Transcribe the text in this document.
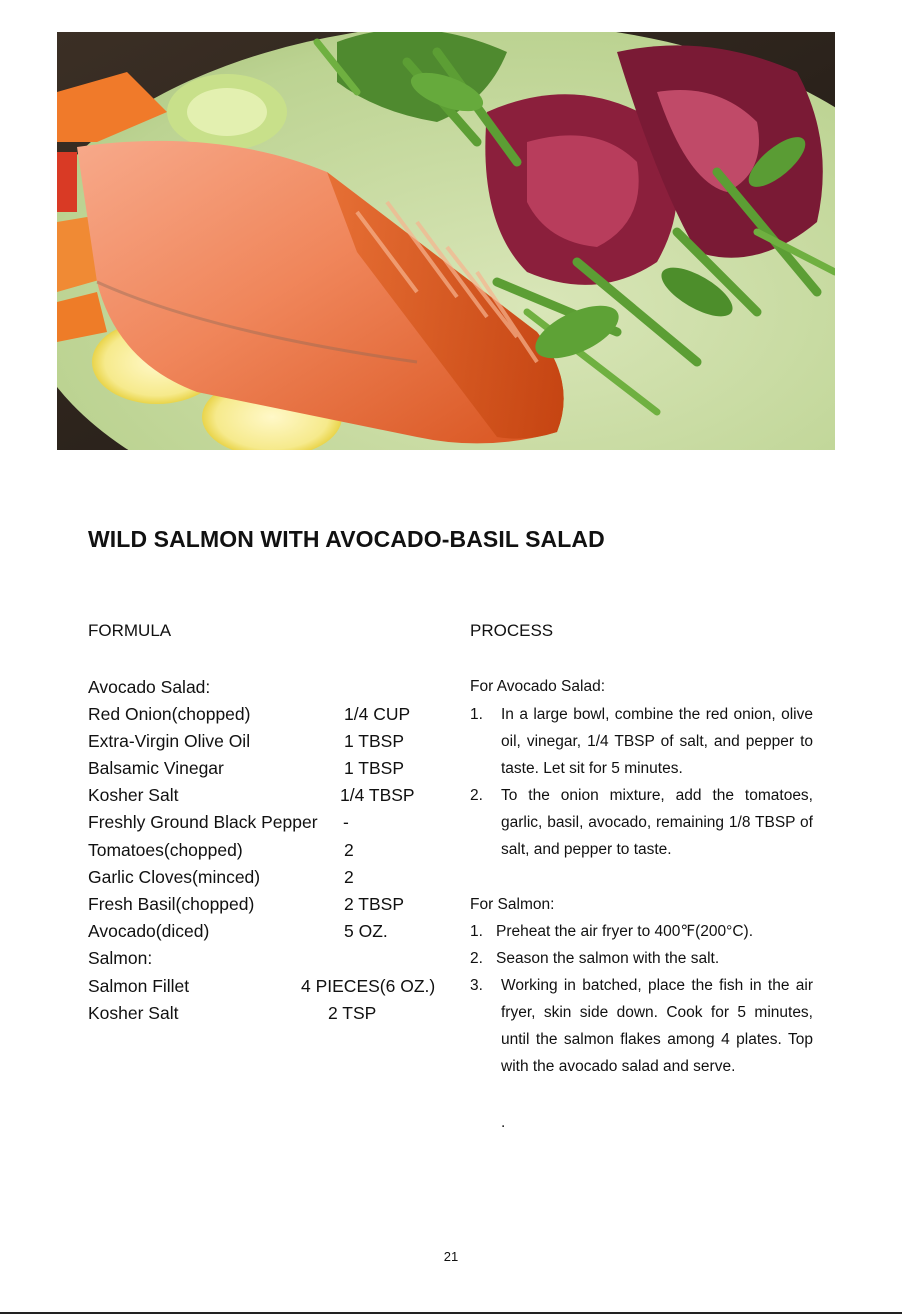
WILD SALMON WITH AVOCADO-BASIL SALAD
FORMULA	PROCESS
Avocado Salad:
Red Onion(chopped)	1/4 CUP
Extra-Virgin Olive Oil	1 TBSP
Balsamic Vinegar	1 TBSP
Kosher Salt	1/4 TBSP
Freshly Ground Black Pepper -
Tomatoes(chopped)	2
Garlic Cloves(minced)	2
Fresh Basil(chopped)	2 TBSP
Avocado(diced)	5 OZ.
Salmon:
Salmon Fillet	4 PIECES(6 OZ.)
Kosher Salt	2 TSP
For Avocado Salad:
1. In a large bowl, combine the red onion, olive oil, vinegar, 1/4 TBSP of salt, and pepper to taste. Let sit for 5 minutes.
2. To the onion mixture, add the tomatoes, garlic, basil, avocado, remaining 1/8 TBSP of salt, and pepper to taste.
For Salmon:
1. Preheat the air fryer to 400℉(200°C).
2. Season the salmon with the salt.
3. Working in batched, place the fish in the air fryer, skin side down. Cook for 5 minutes, until the salmon flakes among 4 plates. Top with the avocado salad and serve.
.
21
